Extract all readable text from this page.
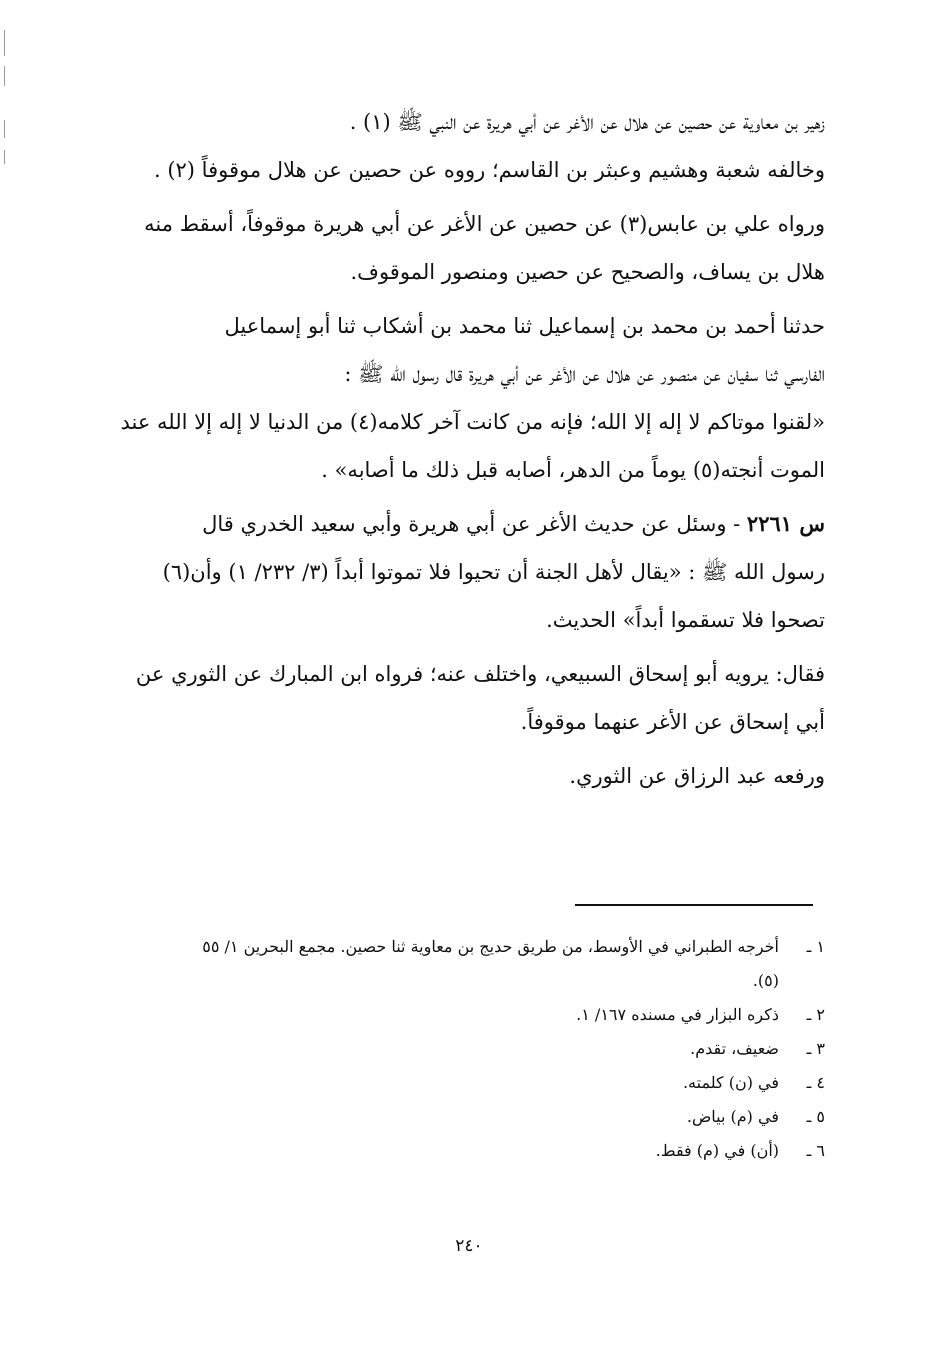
زهير بن معاوية عن حصين عن هلال عن الأغر عن أبي هريرة عن النبي ﷺ (١) .
وخالفه شعبة وهشيم وعبثر بن القاسم؛ رووه عن حصين عن هلال موقوفاً (٢) .

ورواه علي بن عابس(٣) عن حصين عن الأغر عن أبي هريرة موقوفاً، أسقط منه
هلال بن يساف، والصحيح عن حصين ومنصور الموقوف.

حدثنا أحمد بن محمد بن إسماعيل ثنا محمد بن أشكاب ثنا أبو إسماعيل
الفارسي ثنا سفيان عن منصور عن هلال عن الأغر عن أبي هريرة قال رسول الله ﷺ :
«لقنوا موتاكم لا إله إلا الله؛ فإنه من كانت آخر كلامه(٤) من الدنيا لا إله إلا الله عند
الموت أنجته(٥) يوماً من الدهر، أصابه قبل ذلك ما أصابه» .

س ٢٢٦١ - وسئل عن حديث الأغر عن أبي هريرة وأبي سعيد الخدري قال
رسول الله ﷺ : «يقال لأهل الجنة أن تحيوا فلا تموتوا أبداً (٣/ ٢٣٢/ ١) وأن(٦)
تصحوا فلا تسقموا أبداً» الحديث.

فقال: يرويه أبو إسحاق السبيعي، واختلف عنه؛ فرواه ابن المبارك عن الثوري عن
أبي إسحاق عن الأغر عنهما موقوفاً.

ورفعه عبد الرزاق عن الثوري.

١ ـ
أخرجه الطبراني في الأوسط، من طريق حديج بن معاوية ثنا حصين. مجمع البحرين ١/ ٥٥
(٥).
٢ ـ
ذكره البزار في مسنده ١٦٧/ ١.
٣ ـ
ضعيف، تقدم.
٤ ـ
في (ن) كلمته.
٥ ـ
في (م) بياض.
٦ ـ
(أن) في (م) فقط.
٢٤٠
